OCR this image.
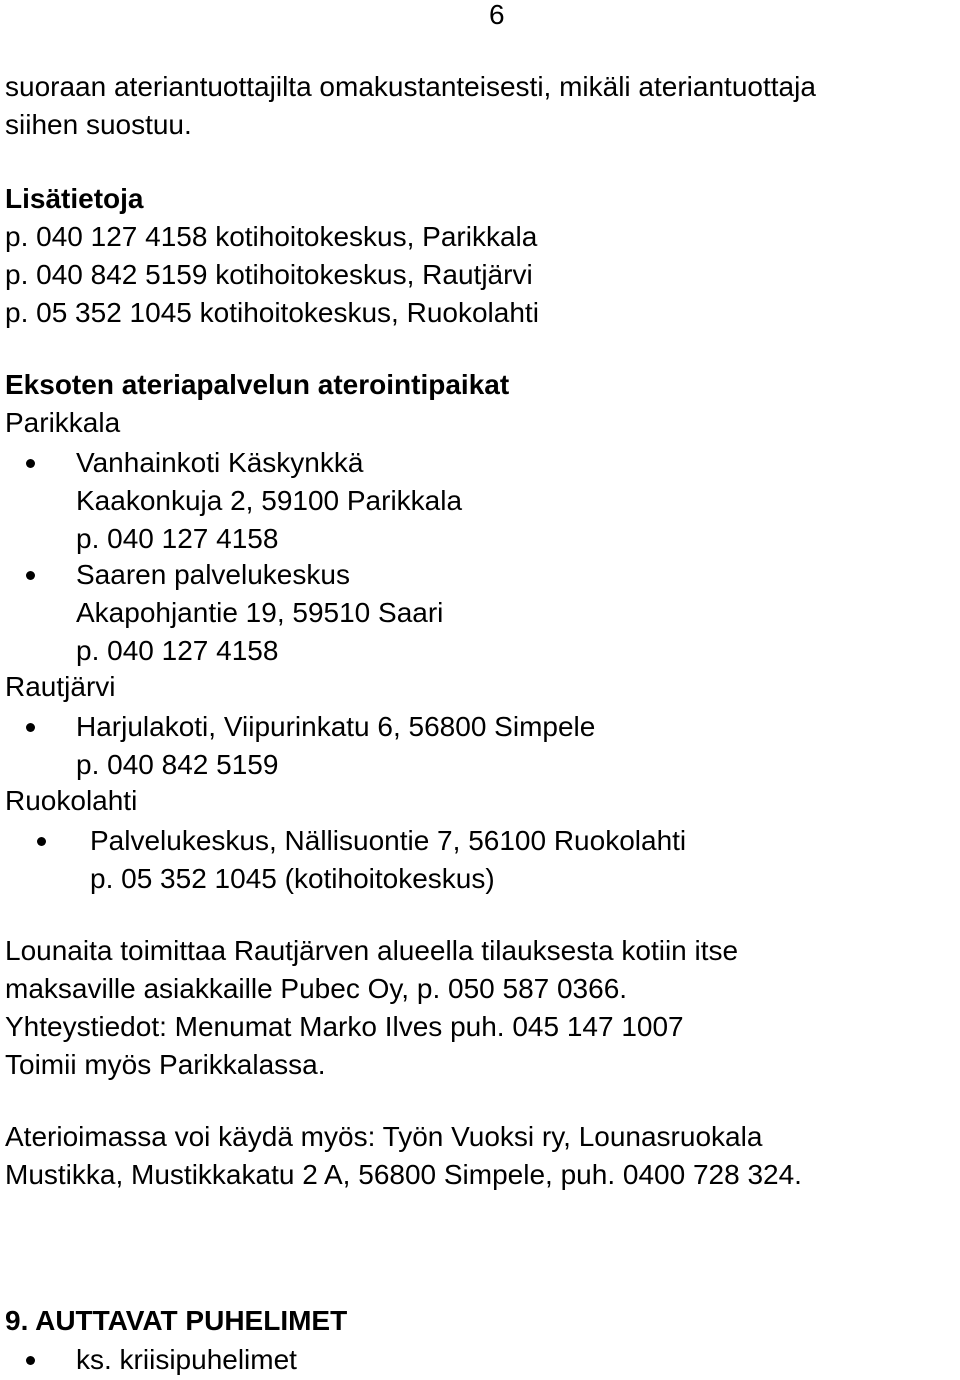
6
suoraan ateriantuottajilta omakustanteisesti, mikäli ateriantuottaja
siihen suostuu.
Lisätietoja
p. 040 127 4158 kotihoitokeskus, Parikkala
p. 040 842 5159 kotihoitokeskus, Rautjärvi
p. 05 352 1045 kotihoitokeskus, Ruokolahti
Eksoten ateriapalvelun aterointipaikat
Parikkala
Vanhainkoti Käskynkkä
Kaakonkuja 2, 59100 Parikkala
p. 040 127 4158
Saaren palvelukeskus
Akapohjantie 19, 59510 Saari
p. 040 127 4158
Rautjärvi
Harjulakoti, Viipurinkatu 6, 56800 Simpele
p. 040 842 5159
Ruokolahti
Palvelukeskus, Nällisuontie 7, 56100 Ruokolahti
p. 05 352 1045 (kotihoitokeskus)
Lounaita toimittaa Rautjärven alueella tilauksesta kotiin itse
maksaville asiakkaille Pubec Oy, p. 050 587 0366.
Yhteystiedot: Menumat Marko Ilves puh. 045 147 1007
Toimii myös Parikkalassa.
Aterioimassa voi käydä myös: Työn Vuoksi ry, Lounasruokala
Mustikka, Mustikkakatu 2 A, 56800 Simpele, puh. 0400 728 324.
9. AUTTAVAT PUHELIMET
ks. kriisipuhelimet
